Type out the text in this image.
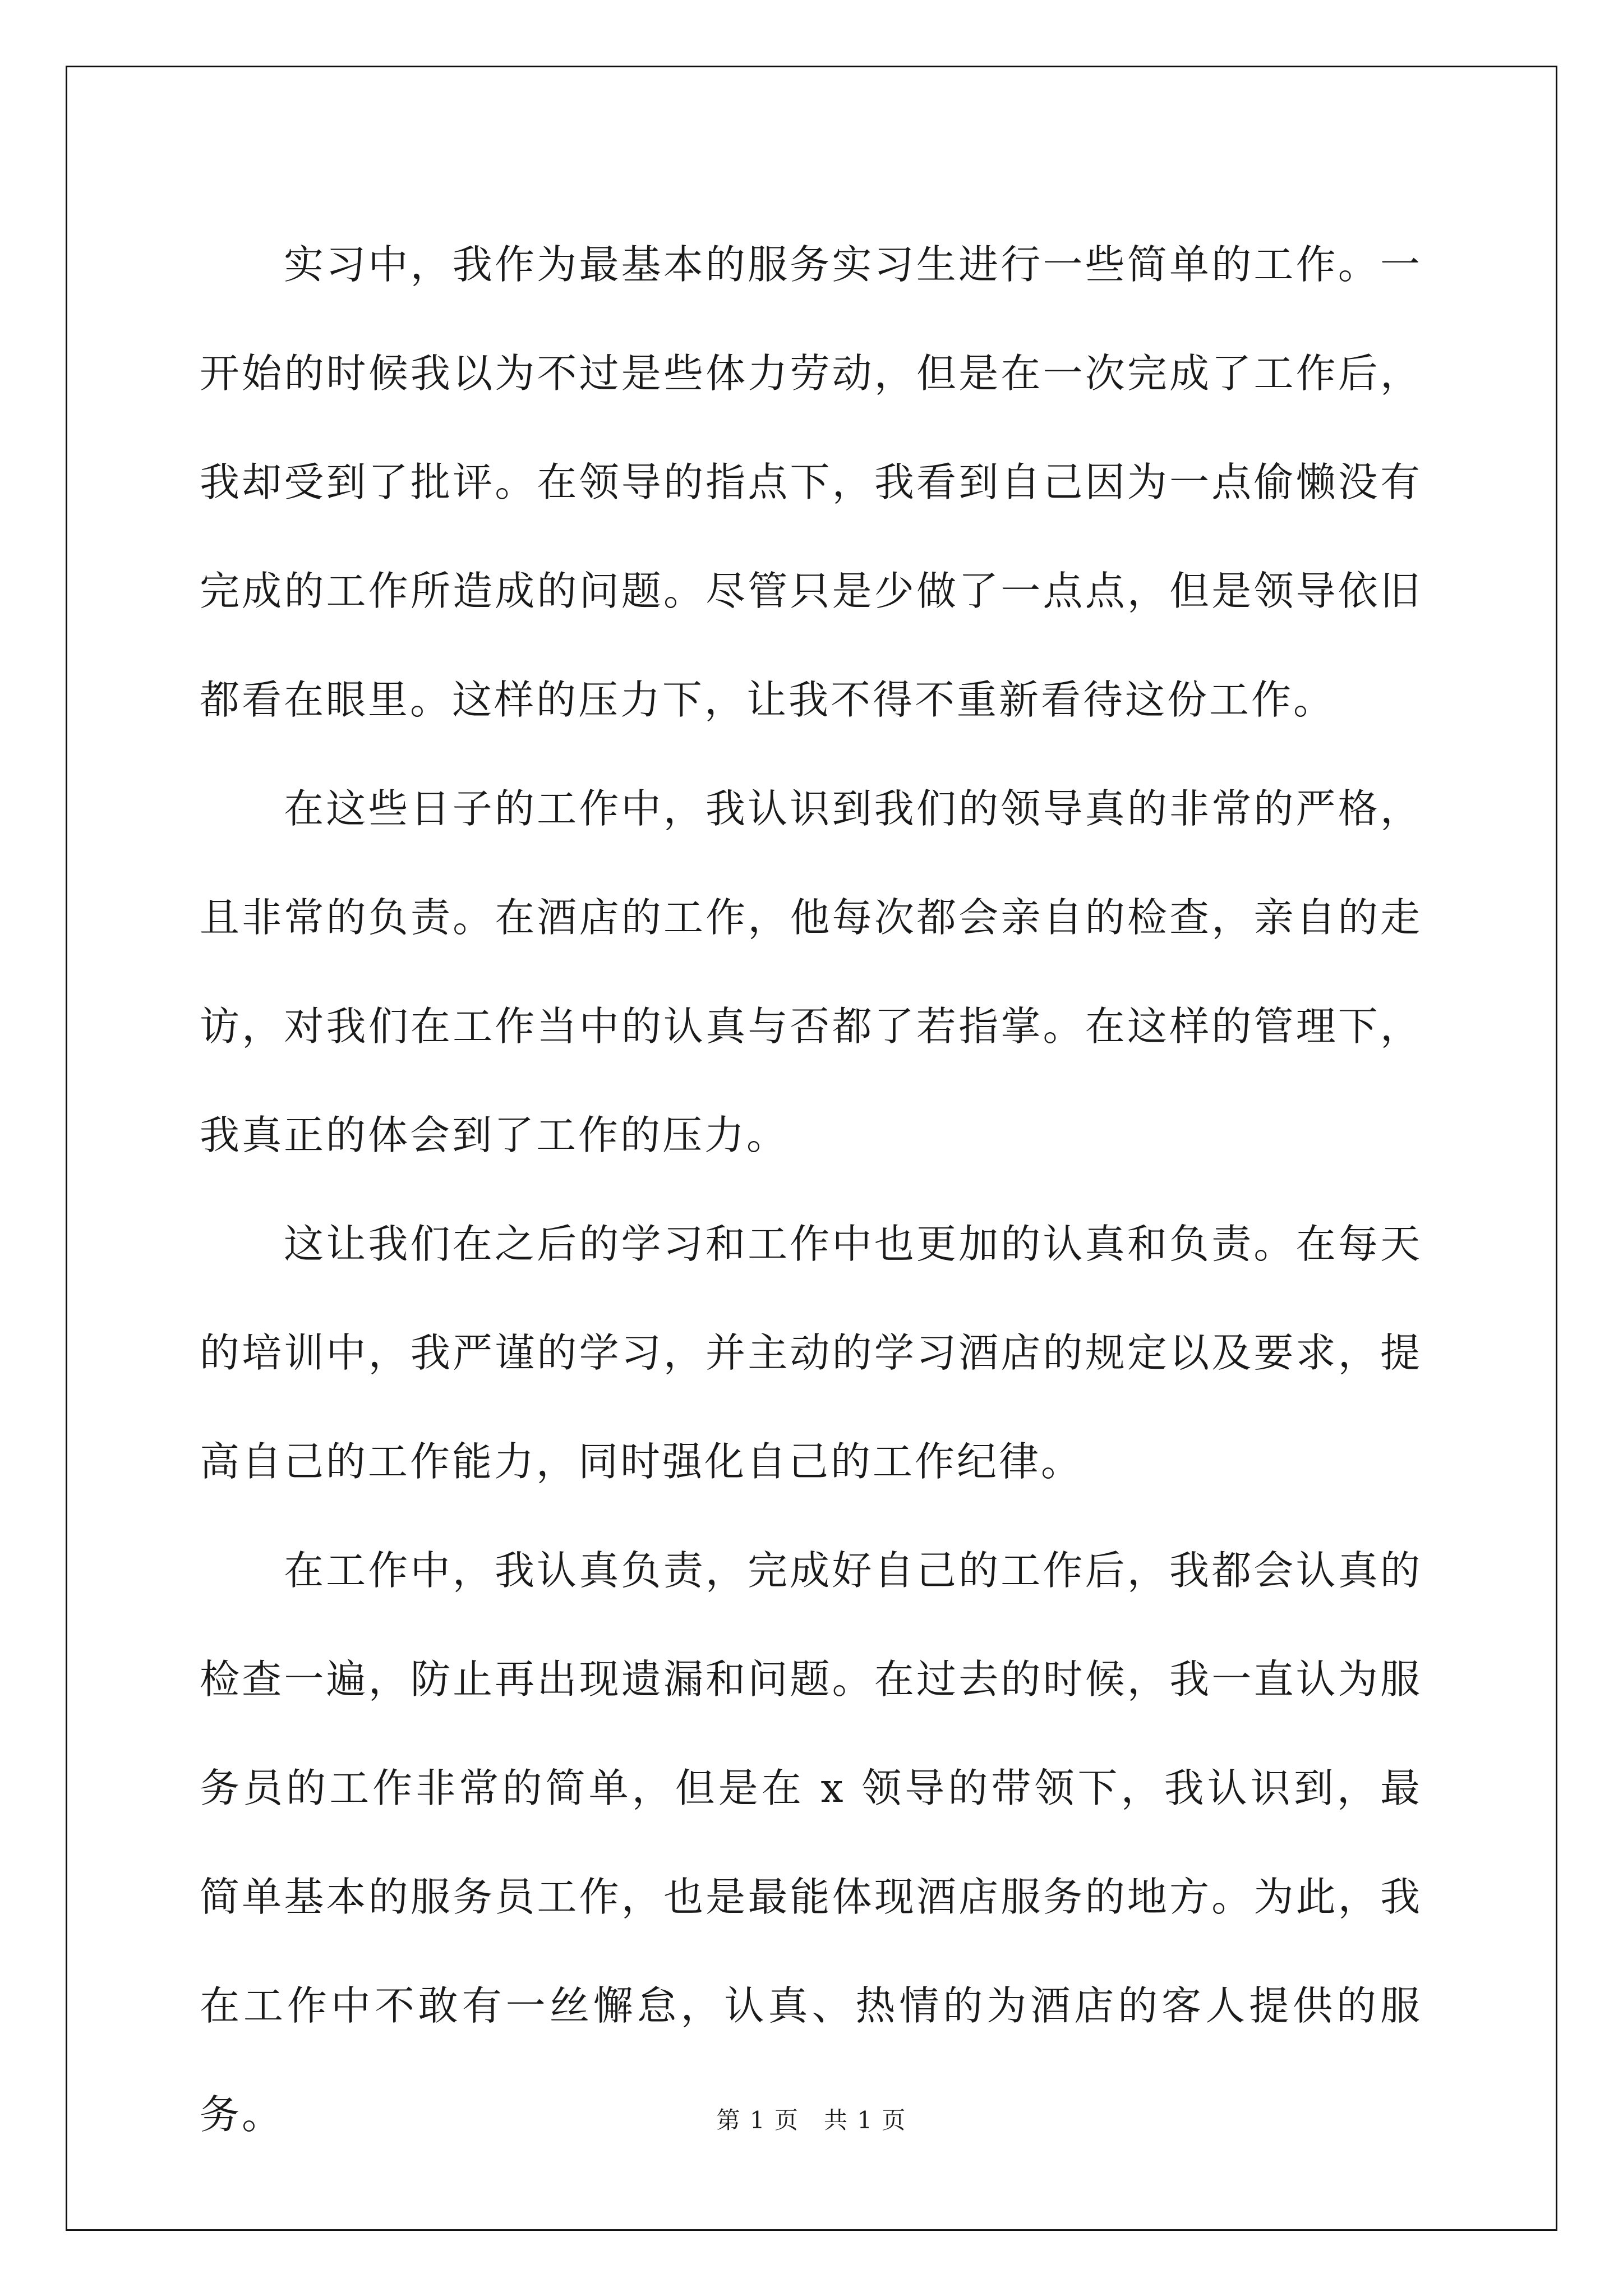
实习中，我作为最基本的服务实习生进行一些简单的工作。一开始的时候我以为不过是些体力劳动，但是在一次完成了工作后，我却受到了批评。在领导的指点下，我看到自己因为一点偷懒没有完成的工作所造成的问题。尽管只是少做了一点点，但是领导依旧都看在眼里。这样的压力下，让我不得不重新看待这份工作。

在这些日子的工作中，我认识到我们的领导真的非常的严格，且非常的负责。在酒店的工作，他每次都会亲自的检查，亲自的走访，对我们在工作当中的认真与否都了若指掌。在这样的管理下，我真正的体会到了工作的压力。

这让我们在之后的学习和工作中也更加的认真和负责。在每天的培训中，我严谨的学习，并主动的学习酒店的规定以及要求，提高自己的工作能力，同时强化自己的工作纪律。

在工作中，我认真负责，完成好自己的工作后，我都会认真的检查一遍，防止再出现遗漏和问题。在过去的时候，我一直认为服务员的工作非常的简单，但是在 x 领导的带领下，我认识到，最简单基本的服务员工作，也是最能体现酒店服务的地方。为此，我在工作中不敢有一丝懈怠，认真、热情的为酒店的客人提供的服务。	第 1 页　共 1 页
